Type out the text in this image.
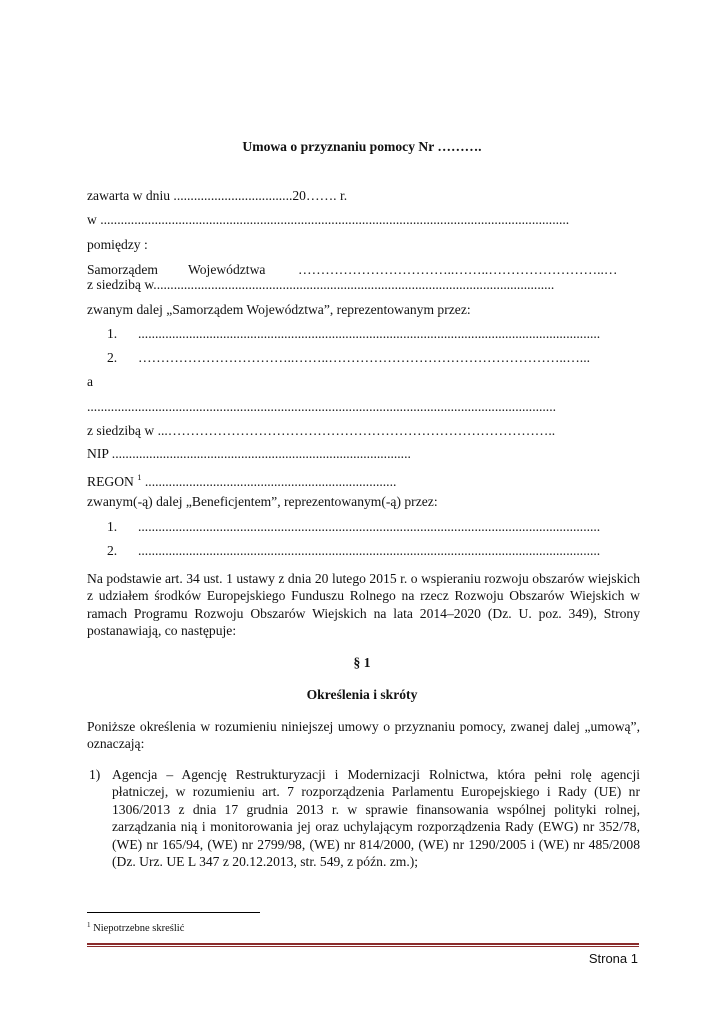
Umowa o przyznaniu pomocy Nr ……….
zawarta w dniu ...................................20……. r.
w ..........................................................................................................................................
pomiędzy :
Samorządem Województwa ……………………………..……..……………………..…
z siedzibą w......................................................................................................................
zwanym dalej „Samorządem Województwa”, reprezentowanym przez:
1. ........................................................................................................................................
2. ……………………………..……..……………………………………………..…...
a
..........................................................................................................................................
z siedzibą w ...…………………………………………………………………………..
NIP ........................................................................................
REGON $^1$ ..........................................................................
zwanym(-ą) dalej „Beneficjentem”, reprezentowanym(-ą) przez:
1. ........................................................................................................................................
2. ........................................................................................................................................
Na podstawie art. 34 ust. 1 ustawy z dnia 20 lutego 2015 r. o wspieraniu rozwoju obszarów wiejskich z udziałem środków Europejskiego Funduszu Rolnego na rzecz Rozwoju Obszarów Wiejskich w ramach Programu Rozwoju Obszarów Wiejskich na lata 2014–2020 (Dz. U. poz. 349), Strony postanawiają, co następuje:
§ 1
Określenia i skróty
Poniższe określenia w rozumieniu niniejszej umowy o przyznaniu pomocy, zwanej dalej „umową”, oznaczają:
1) Agencja – Agencję Restrukturyzacji i Modernizacji Rolnictwa, która pełni rolę agencji płatniczej, w rozumieniu art. 7 rozporządzenia Parlamentu Europejskiego i Rady (UE) nr 1306/2013 z dnia 17 grudnia 2013 r. w sprawie finansowania wspólnej polityki rolnej, zarządzania nią i monitorowania jej oraz uchylającym rozporządzenia Rady (EWG) nr 352/78, (WE) nr 165/94, (WE) nr 2799/98, (WE) nr 814/2000, (WE) nr 1290/2005 i (WE) nr 485/2008 (Dz. Urz. UE L 347 z 20.12.2013, str. 549, z późn. zm.);
$^1$ Niepotrzebne skreślić
Strona 1
